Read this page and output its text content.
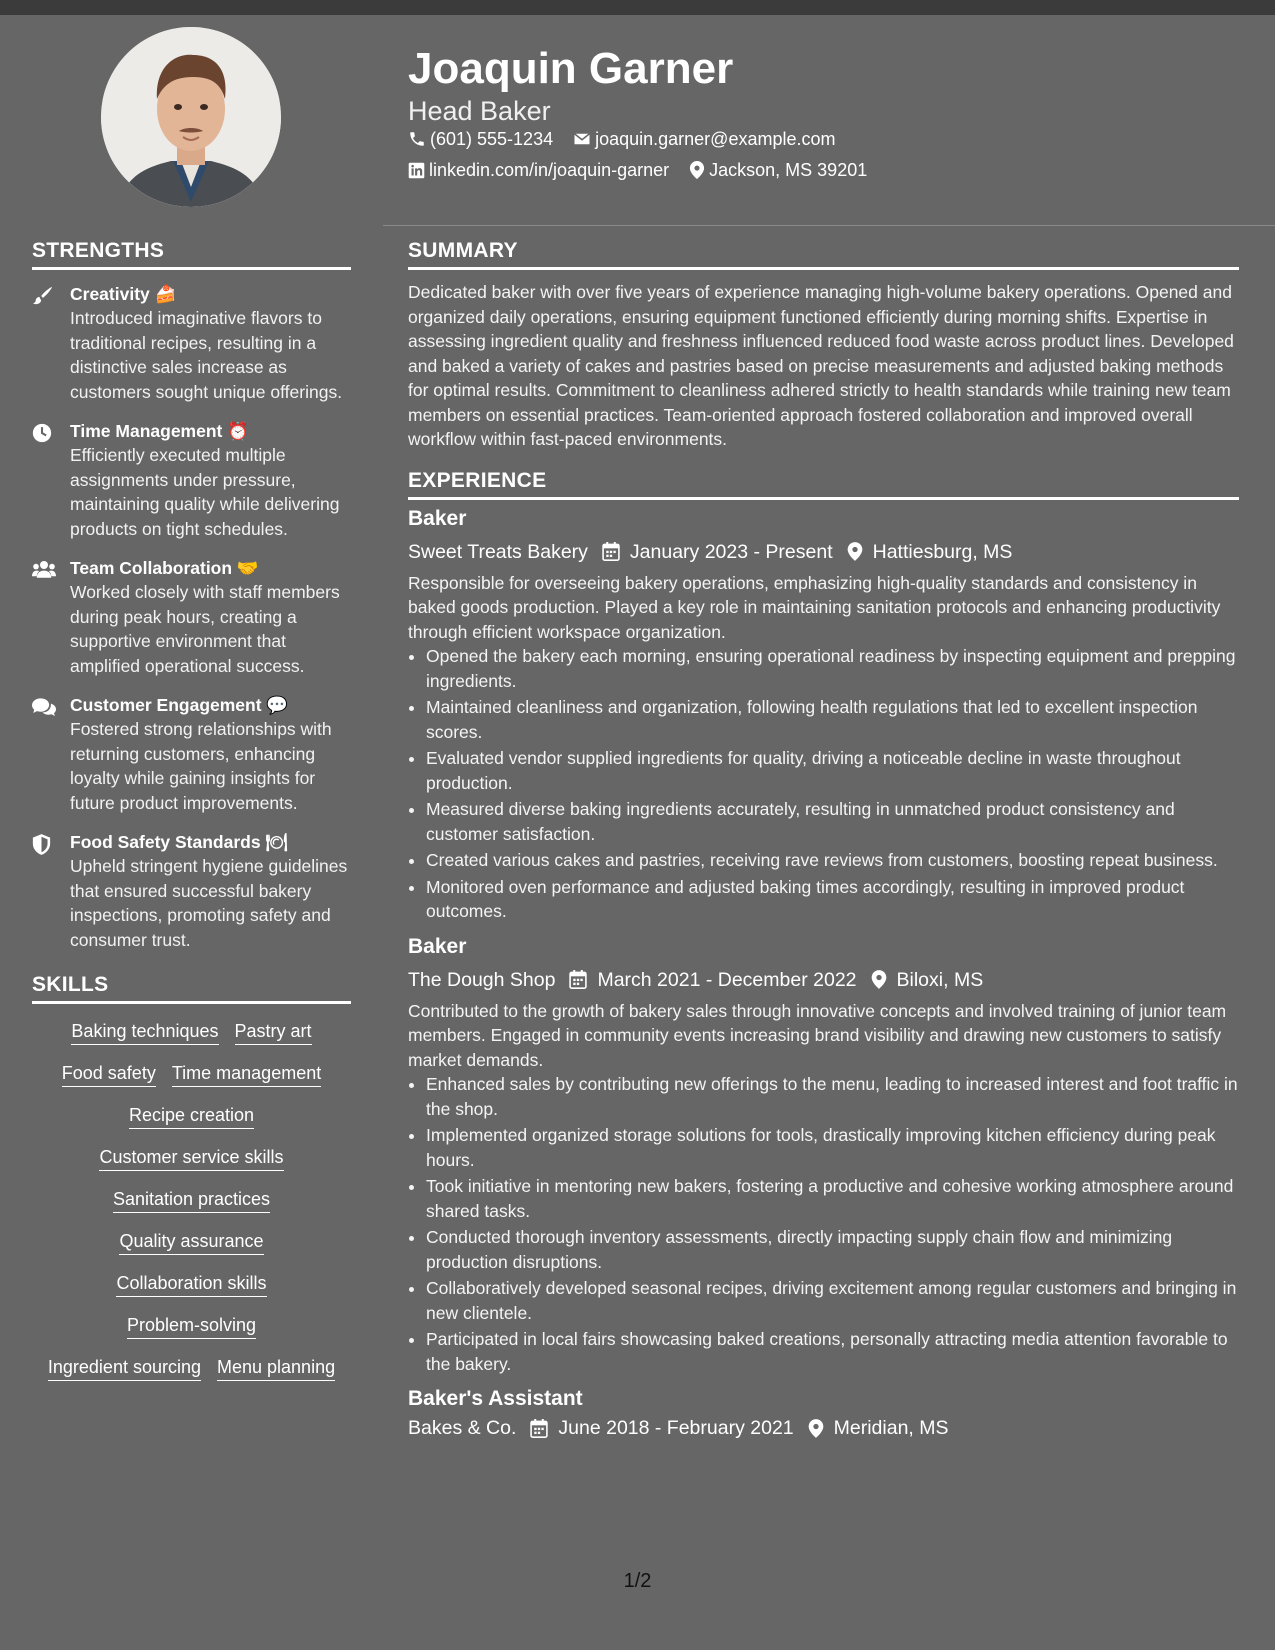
Joaquin Garner
Head Baker
(601) 555-1234 joaquin.garner@example.com
linkedin.com/in/joaquin-garner Jackson, MS 39201
STRENGTHS
Creativity 🍰
Introduced imaginative flavors to traditional recipes, resulting in a distinctive sales increase as customers sought unique offerings.
Time Management ⏰
Efficiently executed multiple assignments under pressure, maintaining quality while delivering products on tight schedules.
Team Collaboration 🤝
Worked closely with staff members during peak hours, creating a supportive environment that amplified operational success.
Customer Engagement 💬
Fostered strong relationships with returning customers, enhancing loyalty while gaining insights for future product improvements.
Food Safety Standards 🍽
Upheld stringent hygiene guidelines that ensured successful bakery inspections, promoting safety and consumer trust.
SKILLS
Baking techniques Pastry art
Food safety Time management
Recipe creation
Customer service skills
Sanitation practices
Quality assurance
Collaboration skills
Problem-solving
Ingredient sourcing Menu planning
SUMMARY

Dedicated baker with over five years of experience managing high-volume bakery operations. Opened and organized daily operations, ensuring equipment functioned efficiently during morning shifts. Expertise in assessing ingredient quality and freshness influenced reduced food waste across product lines. Developed and baked a variety of cakes and pastries based on precise measurements and adjusted baking methods for optimal results. Commitment to cleanliness adhered strictly to health standards while training new team members on essential practices. Team-oriented approach fostered collaboration and improved overall workflow within fast-paced environments.

EXPERIENCE
Baker
Sweet Treats Bakery January 2023 - Present Hattiesburg, MS

Responsible for overseeing bakery operations, emphasizing high-quality standards and consistency in baked goods production. Played a key role in maintaining sanitation protocols and enhancing productivity through efficient workspace organization.

• Opened the bakery each morning, ensuring operational readiness by inspecting equipment and prepping ingredients.
• Maintained cleanliness and organization, following health regulations that led to excellent inspection scores.
• Evaluated vendor supplied ingredients for quality, driving a noticeable decline in waste throughout production.
• Measured diverse baking ingredients accurately, resulting in unmatched product consistency and customer satisfaction.
• Created various cakes and pastries, receiving rave reviews from customers, boosting repeat business.
• Monitored oven performance and adjusted baking times accordingly, resulting in improved product outcomes.
Baker
The Dough Shop March 2021 - December 2022 Biloxi, MS

Contributed to the growth of bakery sales through innovative concepts and involved training of junior team members. Engaged in community events increasing brand visibility and drawing new customers to satisfy market demands.

• Enhanced sales by contributing new offerings to the menu, leading to increased interest and foot traffic in the shop.
• Implemented organized storage solutions for tools, drastically improving kitchen efficiency during peak hours.
• Took initiative in mentoring new bakers, fostering a productive and cohesive working atmosphere around shared tasks.
• Conducted thorough inventory assessments, directly impacting supply chain flow and minimizing production disruptions.
• Collaboratively developed seasonal recipes, driving excitement among regular customers and bringing in new clientele.
• Participated in local fairs showcasing baked creations, personally attracting media attention favorable to the bakery.
Baker's Assistant
Bakes & Co. June 2018 - February 2021 Meridian, MS
1/2
